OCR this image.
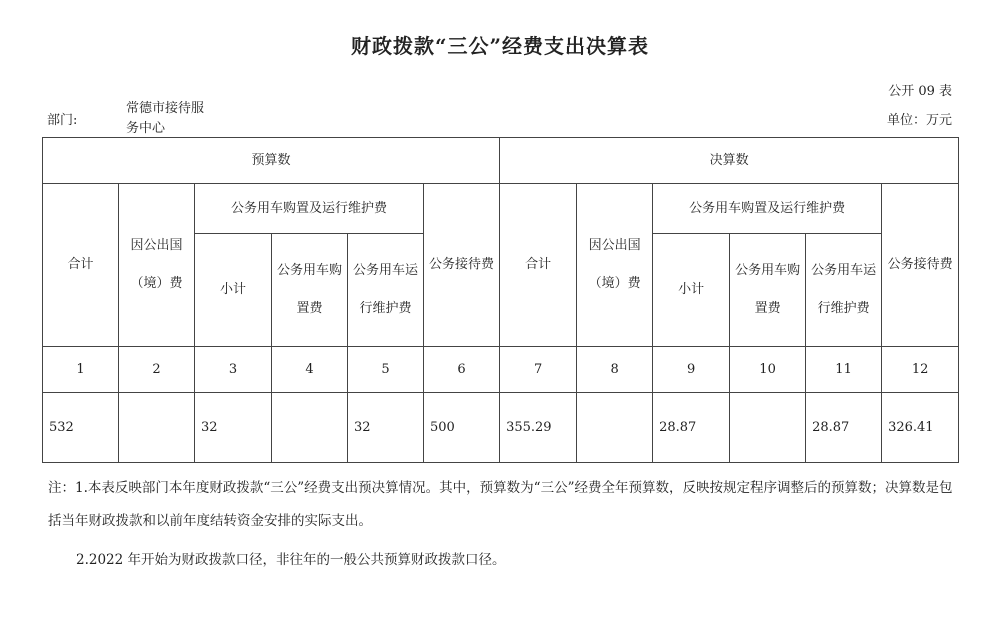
财政拨款“三公”经费支出决算表
公开 09 表
部门:
常德市接待服务中心
单位：万元
预算数						决算数					
合计	因公出国（境）费	公务用车购置及运行维护费			公务接待费	合计	因公出国（境）费	公务用车购置及运行维护费			公务接待费
		小计	公务用车购置费	公务用车运行维护费				小计	公务用车购置费	公务用车运行维护费	
1	2	3	4	5	6	7	8	9	10	11	12
532		32		32	500	355.29		28.87		28.87	326.41

注：1.本表反映部门本年度财政拨款“三公”经费支出预决算情况。其中，预算数为“三公”经费全年预算数，反映按规定程序调整后的预算数；决算数是包括当年财政拨款和以前年度结转资金安排的实际支出。

2.2022 年开始为财政拨款口径，非往年的一般公共预算财政拨款口径。
